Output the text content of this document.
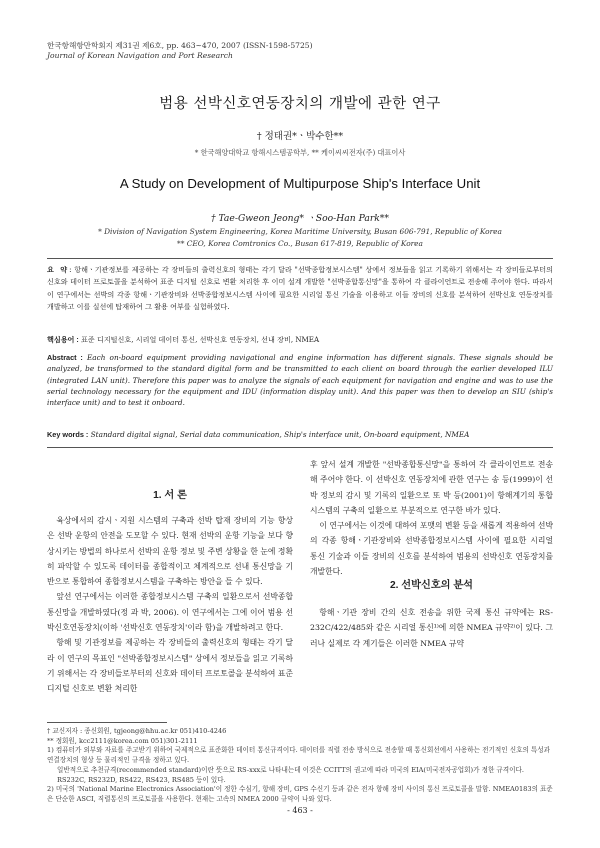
한국항해항만학회지 제31권 제6호, pp. 463~470, 2007 (ISSN-1598-5725)
Journal of Korean Navigation and Port Research
범용 선박신호연동장치의 개발에 관한 연구
† 정태권*ㆍ박수한**
* 한국해양대학교 항해시스템공학부, ** 케이씨씨전자(주) 대표이사
A Study on Development of Multipurpose Ship's Interface Unit
† Tae-Gweon Jeong* ㆍSoo-Han Park**
* Division of Navigation System Engineering, Korea Maritime University, Busan 606-791, Republic of Korea
** CEO, Korea Comtronics Co., Busan 617-819, Republic of Korea
요 약: 항해ㆍ기관정보를 제공하는 각 장비들의 출력신호의 형태는 각기 달라 "선박종합정보시스템" 상에서 정보들을 읽고 기록하기 위해서는 각 장비들로부터의 신호와 데이터 프로토콜을 분석하여 표준 디지털 신호로 변환 처리한 후 이미 설계 개발한 "선박종합통신망"을 통하여 각 클라이언트로 전송해 주어야 한다. 따라서 이 연구에서는 선박의 각종 항해ㆍ기관장비와 선박종합정보시스템 사이에 필요한 시리얼 통신 기술을 이용하고 이들 장비의 신호를 분석하여 선박신호 연동장치를 개발하고 이를 실선에 탑재하여 그 활용 여부를 실험하였다.
핵심용어 : 표준 디지털신호, 시리얼 데이터 통신, 선박신호 연동장치, 선내 장비, NMEA
Abstract : Each on-board equipment providing navigational and engine information has different signals. These signals should be analyzed, be transformed to the standard digital form and be transmitted to each client on board through the earlier developed ILU (integrated LAN unit). Therefore this paper was to analyze the signals of each equipment for navigation and engine and was to use the serial technology necessary for the equipment and IDU (information display unit). And this paper was then to develop an SIU (ship's interface unit) and to test it onboard.
Key words : Standard digital signal, Serial data communication, Ship's interface unit, On-board equipment, NMEA
1. 서 론

육상에서의 감시ㆍ지원 시스템의 구축과 선박 탑재 장비의 기능 향상은 선박 운항의 안전을 도모할 수 있다. 현재 선박의 운항 기능을 보다 향상시키는 방법의 하나로서 선박의 운항 정보 및 주변 상황을 한 눈에 정확히 파악할 수 있도록 데이터를 종합적이고 체계적으로 선내 통신망을 기반으로 통합하여 종합정보시스템을 구축하는 방안을 들 수 있다.

앞선 연구에서는 이러한 종합정보시스템 구축의 일환으로서 선박종합통신망을 개발하였다(정 과 박, 2006). 이 연구에서는 그에 이어 범용 선박신호연동장치(이하 '선박신호 연동장치'이라 함)을 개발하려고 한다.

항해 및 기관정보를 제공하는 각 장비들의 출력신호의 형태는 각기 달라 이 연구의 목표인 "선박종합정보시스템" 상에서 정보들을 읽고 기록하기 위해서는 각 장비들로부터의 신호와 데이터 프로토콜을 분석하여 표준 디지털 신호로 변환 처리한

후 앞서 설계 개발한 "선박종합통신망"을 통하여 각 클라이언트로 전송해 주어야 한다. 이 선박신호 연동장치에 관한 연구는 송 등(1999)이 선박 정보의 감시 및 기록의 일환으로 또 박 등(2001)이 항해계기의 통합시스템의 구축의 일환으로 부분적으로 연구한 바가 있다.

이 연구에서는 이것에 대하여 포맷의 변환 등을 새롭게 적용하여 선박의 각종 항해ㆍ기관장비와 선박종합정보시스템 사이에 필요한 시리얼 통신 기술과 이들 장비의 신호를 분석하여 범용의 선박신호 연동장치를 개발한다.

2. 선박신호의 분석

항해ㆍ기관 장비 간의 신호 전송을 위한 국제 통신 규약에는 RS-232C/422/485와 같은 시리얼 통신¹⁾에 의한 NMEA 규약²⁾이 있다. 그러나 실제로 각 계기들은 이러한 NMEA 규약

† 교신저자 : 종신회원, tgjeong@hhu.ac.kr 051)410-4246
** 정회원, kcc2111@korea.com 051)301-2111
1) 컴퓨터가 외부와 자료를 주고받기 위하여 국제적으로 표준화한 데이터 통신규격이다. 데이터를 직렬 전송 방식으로 전송할 때 통신회선에서 사용하는 전기적인 신호의 특성과 연결장치의 형상 등 물리적인 규격을 정하고 있다.
일반적으로 추천규격(recommended standard)이란 뜻으로 RS-xxx로 나타내는데 이것은 CCITT의 권고에 따라 미국의 EIA(미국전자공업회)가 정한 규격이다. RS232C, RS232D, RS422, RS423, RS485 등이 있다.
2) 미국의 'National Marine Electronics Association'이 정한 수심기, 항해 장비, GPS 수신기 등과 같은 전자 항해 장비 사이의 통신 프로토콜을 말함. NMEA0183의 표준은 단순한 ASCI, 직렬통신의 프로토콜을 사용한다. 현재는 고속의 NMEA 2000 규약이 나와 있다.
- 463 -
